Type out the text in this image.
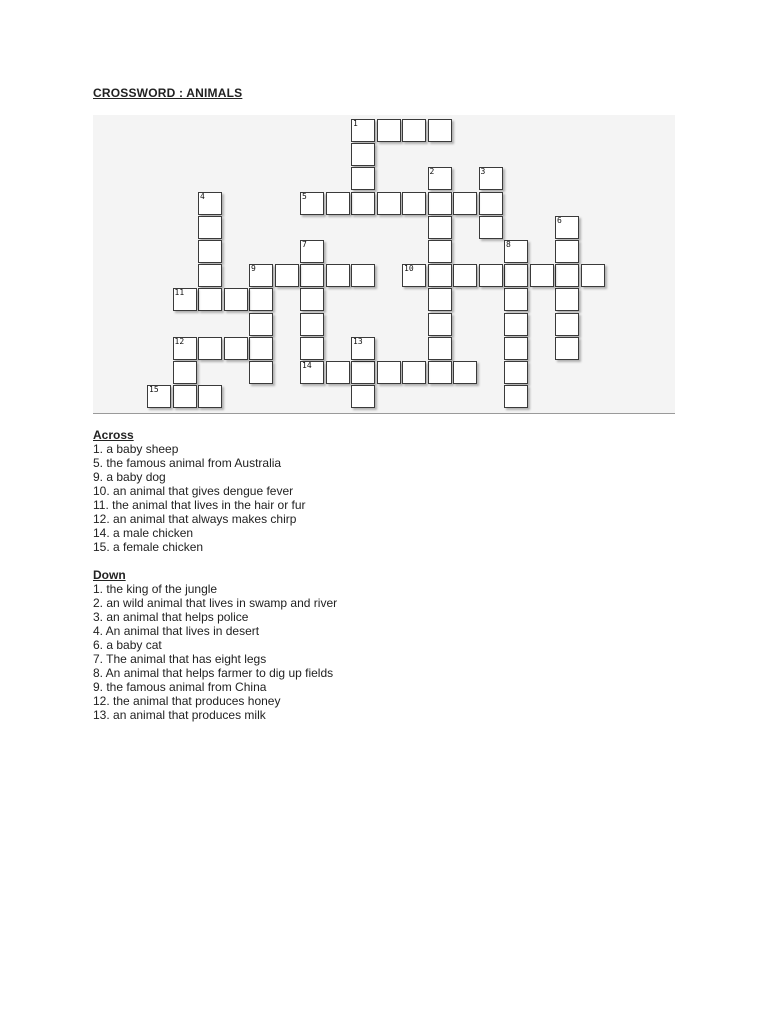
CROSSWORD : ANIMALS
1
2	3
5
4
6
7
14
8
9	10
11
12	13
15
Across
1. a baby sheep
5. the famous animal from Australia
9. a baby dog
10. an animal that gives dengue fever
11. the animal that lives in the hair or fur
12. an animal that always makes chirp
14. a male chicken
15. a female chicken
Down
1. the king of the jungle
2. an wild animal that lives in swamp and river
3. an animal that helps police
4. An animal that lives in desert
6. a baby cat
7. The animal that has eight legs
8. An animal that helps farmer to dig up fields
9. the famous animal from China
12. the animal that produces honey
13. an animal that produces milk
